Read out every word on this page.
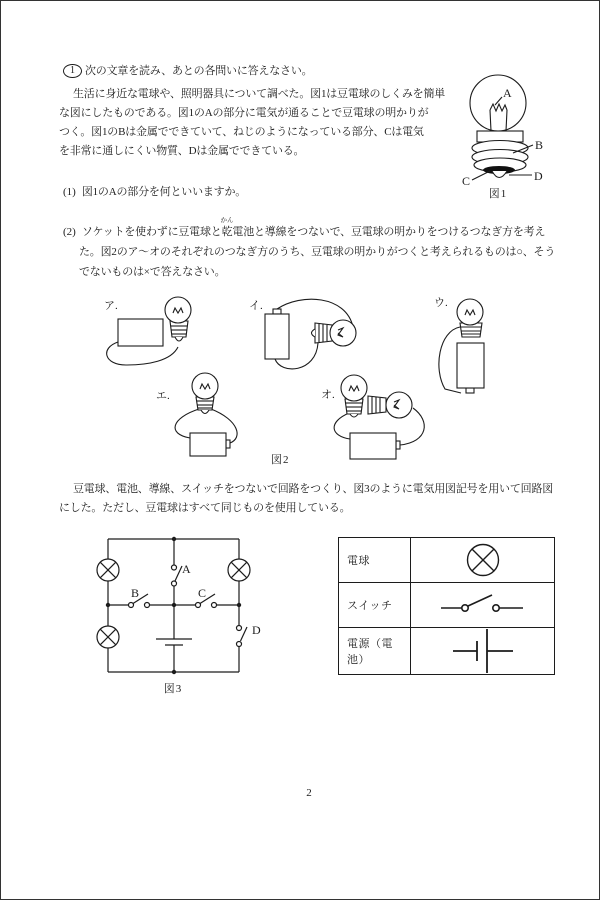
1 次の文章を読み、あとの各問いに答えなさい。
生活に身近な電球や、照明器具について調べた。図1は豆電球のしくみを簡単
な図にしたものである。図1のAの部分に電気が通ることで豆電球の明かりが
つく。図1のBは金属でできていて、ねじのようになっている部分、Cは電気
を非常に通しにくい物質、Dは金属でできている。
A
B
C	D
図1
(1) 図1のAの部分を何といいますか。
(2) ソケットを使わずに豆電球と
かん
乾電池と導線をつないで、豆電球の明かりをつけるつなぎ方を考え
た。図2のア～オのそれぞれのつなぎ方のうち、豆電球の明かりがつくと考えられるものは○、そう
でないものは×で答えなさい。
ア.	イ.	ウ.
エ.	オ.
図2
豆電球、電池、導線、スイッチをつないで回路をつくり、図3のように電気用図記号を用いて回路図
にした。ただし、豆電球はすべて同じものを使用している。
A
B	C
D
図3
電球
スイッチ
電源（電池）
2
